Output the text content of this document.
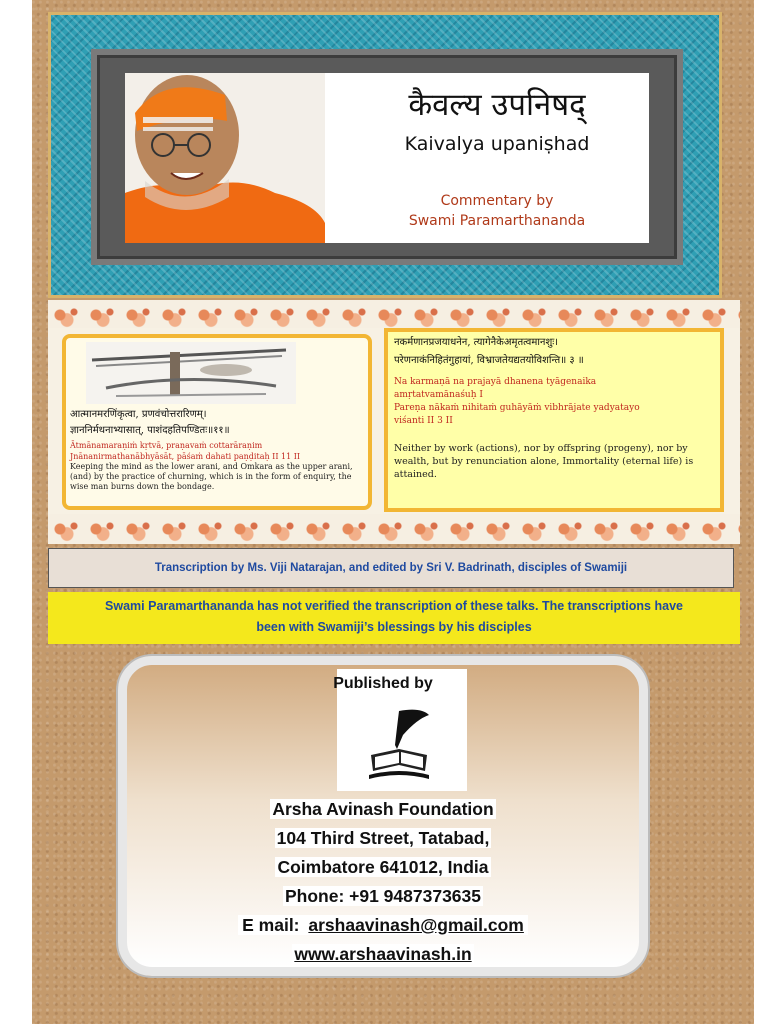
कैवल्य उपनिषद्
Kaivalya upaniṣhad
Commentary by
Swami Paramarthananda
आत्मानमरणिंकृत्वा, प्रणवंचोत्तरारिणम्।
ज्ञाननिर्मथनाभ्यासात्, पाशंदहतिपण्डितः॥११॥
Ātmānamaraṇiṁ kṛtvā, praṇavaṁ cottarāraṇim
Jnānanirmathanābhyāsāt, pāśaṁ dahati paṇḍitaḥ II 11 II
Keeping the mind as the lower arani, and Omkara as the upper arani, (and) by the practice of churning, which is in the form of enquiry, the wise man burns down the bondage.
नकर्मणानप्रजयाधनेन, त्यागेनैकेअमृतत्वमानशुः।
परेणनाकंनिहितंगुहायां, विभ्राजतेयद्यतयोविशन्ति॥ ३ ॥
Na karmaṇā na prajayā dhanena tyāgenaika
amṛtatvamānaśuḥ I
Pareṇa nākaṁ nihitaṁ guhāyāṁ vibhrājate yadyatayo
viśanti II 3 II
Neither by work (actions), nor by offspring (progeny), nor by wealth, but by renunciation alone, Immortality (eternal life) is attained.
Transcription by Ms. Viji Natarajan, and edited by Sri V. Badrinath, disciples of Swamiji
Swami Paramarthananda has not verified the transcription of these talks. The transcriptions have
been with Swamiji’s blessings by his disciples
Published by
Arsha Avinash Foundation
104 Third Street, Tatabad,
Coimbatore 641012, India
Phone: +91 9487373635
E mail: arshaavinash@gmail.com
www.arshaavinash.in
